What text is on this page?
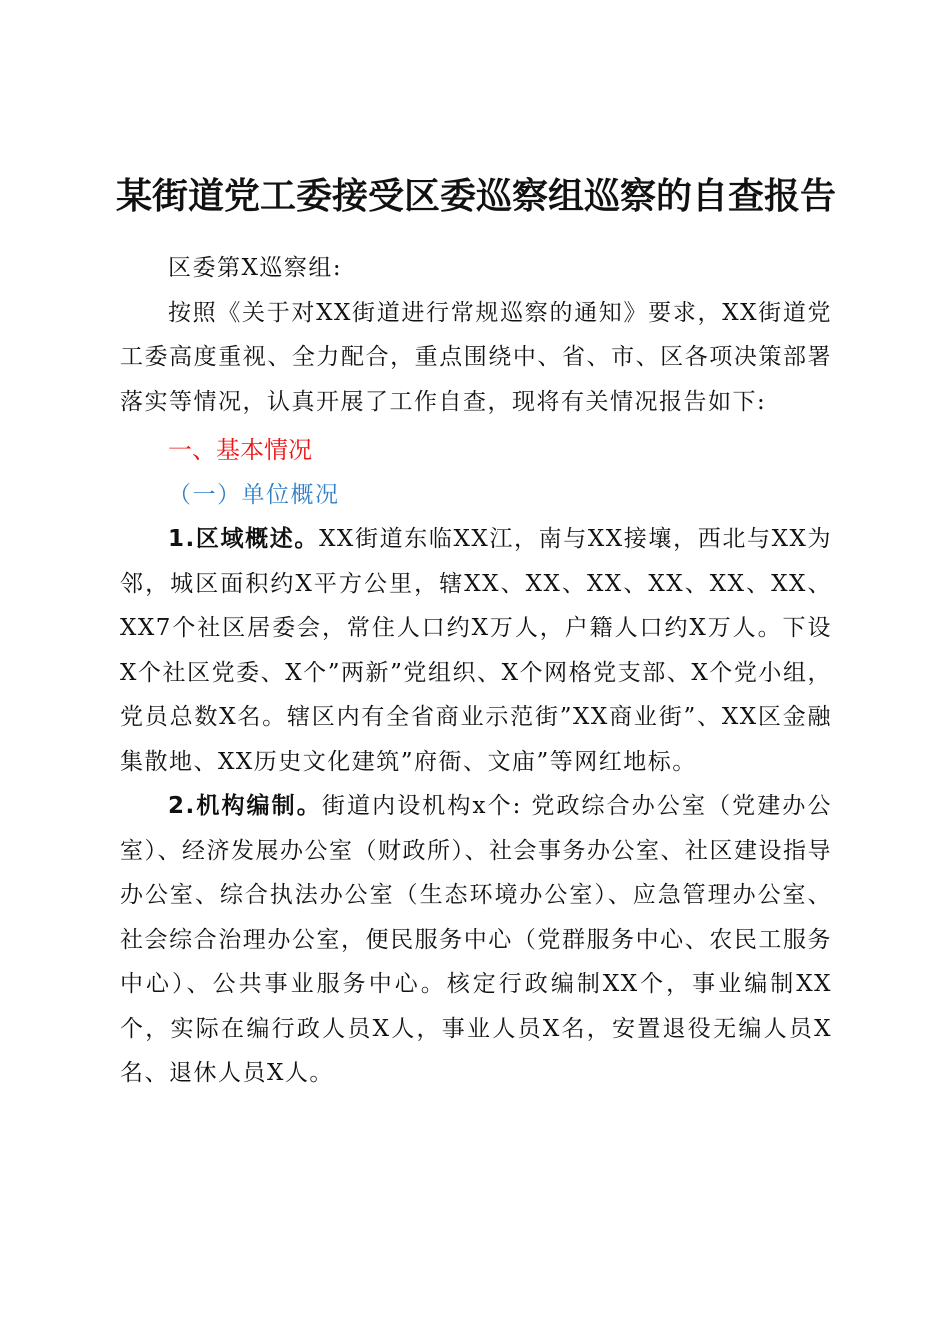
某街道党工委接受区委巡察组巡察的自查报告

区委第X巡察组:

按照《关于对XX街道进行常规巡察的通知》要求，XX街道党工委高度重视、全力配合，重点围绕中、省、市、区各项决策部署落实等情况，认真开展了工作自查，现将有关情况报告如下:

一、基本情况

（一）单位概况

1.区域概述。XX街道东临XX江，南与XX接壤，西北与XX为邻，城区面积约X平方公里，辖XX、XX、XX、XX、XX、XX、XX7个社区居委会，常住人口约X万人，户籍人口约X万人。下设X个社区党委、X个”两新”党组织、X个网格党支部、X个党小组，党员总数X名。辖区内有全省商业示范街”XX商业街”、XX区金融集散地、XX历史文化建筑”府衙、文庙”等网红地标。

2.机构编制。街道内设机构x个: 党政综合办公室（党建办公室）、经济发展办公室（财政所）、社会事务办公室、社区建设指导办公室、综合执法办公室（生态环境办公室）、应急管理办公室、社会综合治理办公室，便民服务中心（党群服务中心、农民工服务中心）、公共事业服务中心。核定行政编制XX个，事业编制XX个，实际在编行政人员X人，事业人员X名，安置退役无编人员X名、退休人员X人。
